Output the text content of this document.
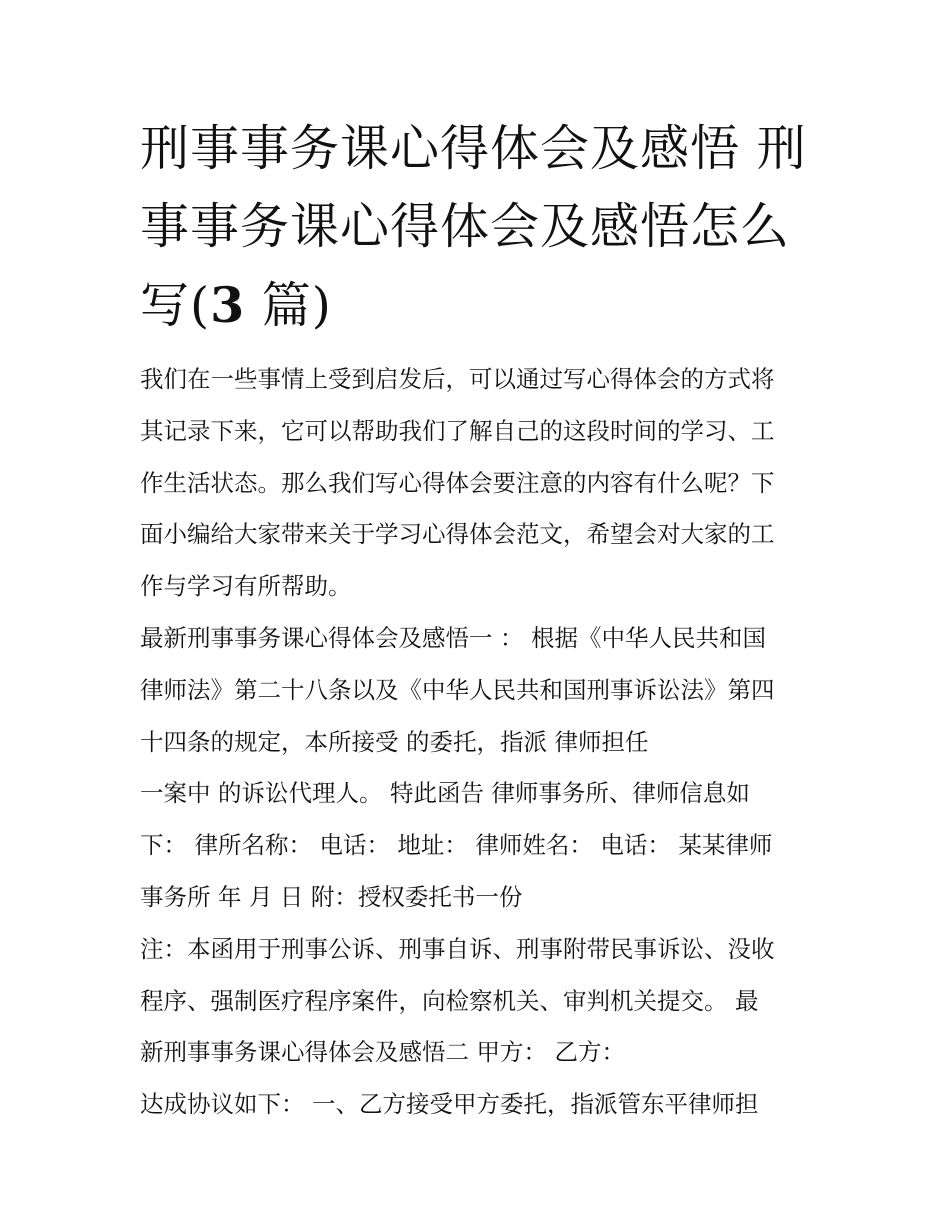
刑事事务课心得体会及感悟 刑
事事务课心得体会及感悟怎么
写(3 篇)

我们在一些事情上受到启发后，可以通过写心得体会的方式将

其记录下来，它可以帮助我们了解自己的这段时间的学习、工

作生活状态。那么我们写心得体会要注意的内容有什么呢？下

面小编给大家带来关于学习心得体会范文，希望会对大家的工

作与学习有所帮助。

最新刑事事务课心得体会及感悟一 ： 根据《中华人民共和国

律师法》第二十八条以及《中华人民共和国刑事诉讼法》第四

十四条的规定，本所接受 的委托，指派 律师担任

一案中 的诉讼代理人。 特此函告 律师事务所、律师信息如

下： 律所名称： 电话： 地址： 律师姓名： 电话： 某某律师

事务所 年 月 日 附：授权委托书一份

注：本函用于刑事公诉、刑事自诉、刑事附带民事诉讼、没收

程序、强制医疗程序案件，向检察机关、审判机关提交。 最

新刑事事务课心得体会及感悟二 甲方： 乙方：

达成协议如下： 一、乙方接受甲方委托，指派管东平律师担
